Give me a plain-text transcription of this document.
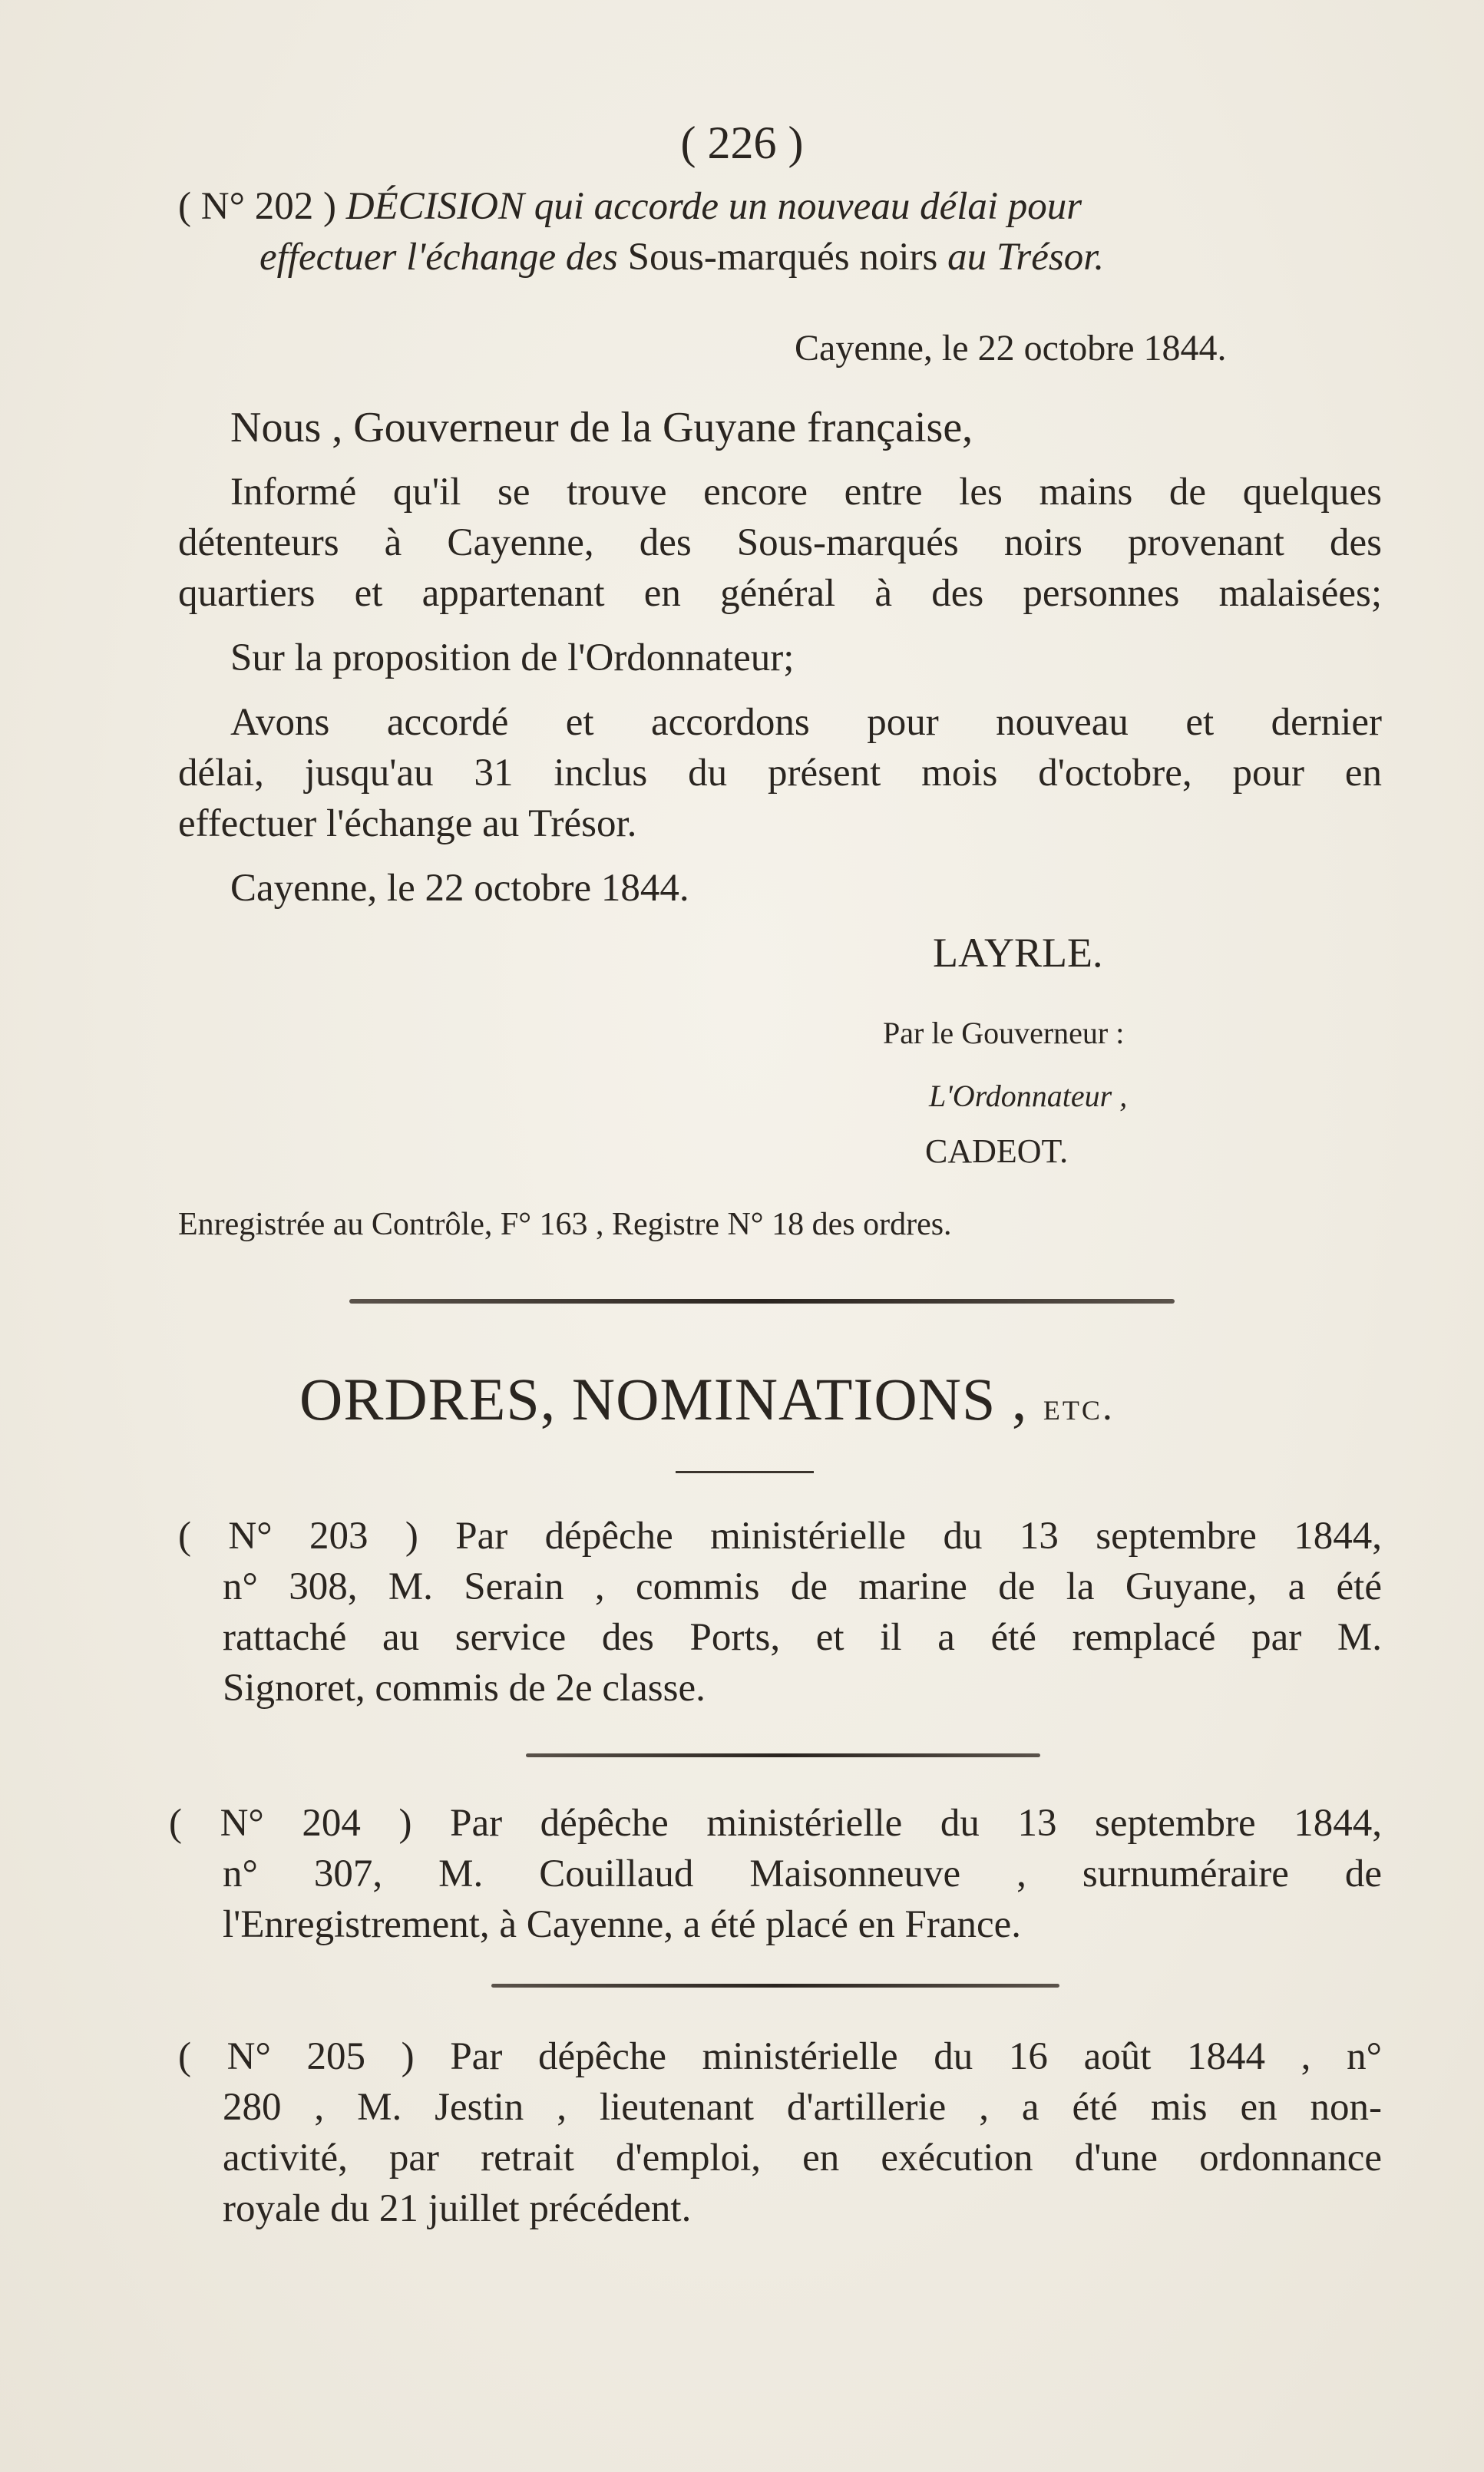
( 226 )
( N° 202 ) DÉCISION qui accorde un nouveau délai pour
effectuer l'échange des Sous-marqués noirs au Trésor.
Cayenne, le 22 octobre 1844.
Nous , Gouverneur de la Guyane française,
Informé qu'il se trouve encore entre les mains de quelques
détenteurs à Cayenne, des Sous-marqués noirs provenant des
quartiers et appartenant en général à des personnes malaisées;
Sur la proposition de l'Ordonnateur;
Avons accordé et accordons pour nouveau et dernier
délai, jusqu'au 31 inclus du présent mois d'octobre, pour en
effectuer l'échange au Trésor.
Cayenne, le 22 octobre 1844.
LAYRLE.
Par le Gouverneur :
L'Ordonnateur ,
CADEOT.
Enregistrée au Contrôle, F° 163 , Registre N° 18 des ordres.
ORDRES, NOMINATIONS , etc.
( N° 203 ) Par dépêche ministérielle du 13 septembre 1844,
n° 308, M. Serain , commis de marine de la Guyane, a été
rattaché au service des Ports, et il a été remplacé par M.
Signoret, commis de 2e classe.
( N° 204 ) Par dépêche ministérielle du 13 septembre 1844,
n° 307, M. Couillaud Maisonneuve , surnuméraire de
l'Enregistrement, à Cayenne, a été placé en France.
( N° 205 ) Par dépêche ministérielle du 16 août 1844 , n°
280 , M. Jestin , lieutenant d'artillerie , a été mis en non-
activité, par retrait d'emploi, en exécution d'une ordonnance
royale du 21 juillet précédent.
